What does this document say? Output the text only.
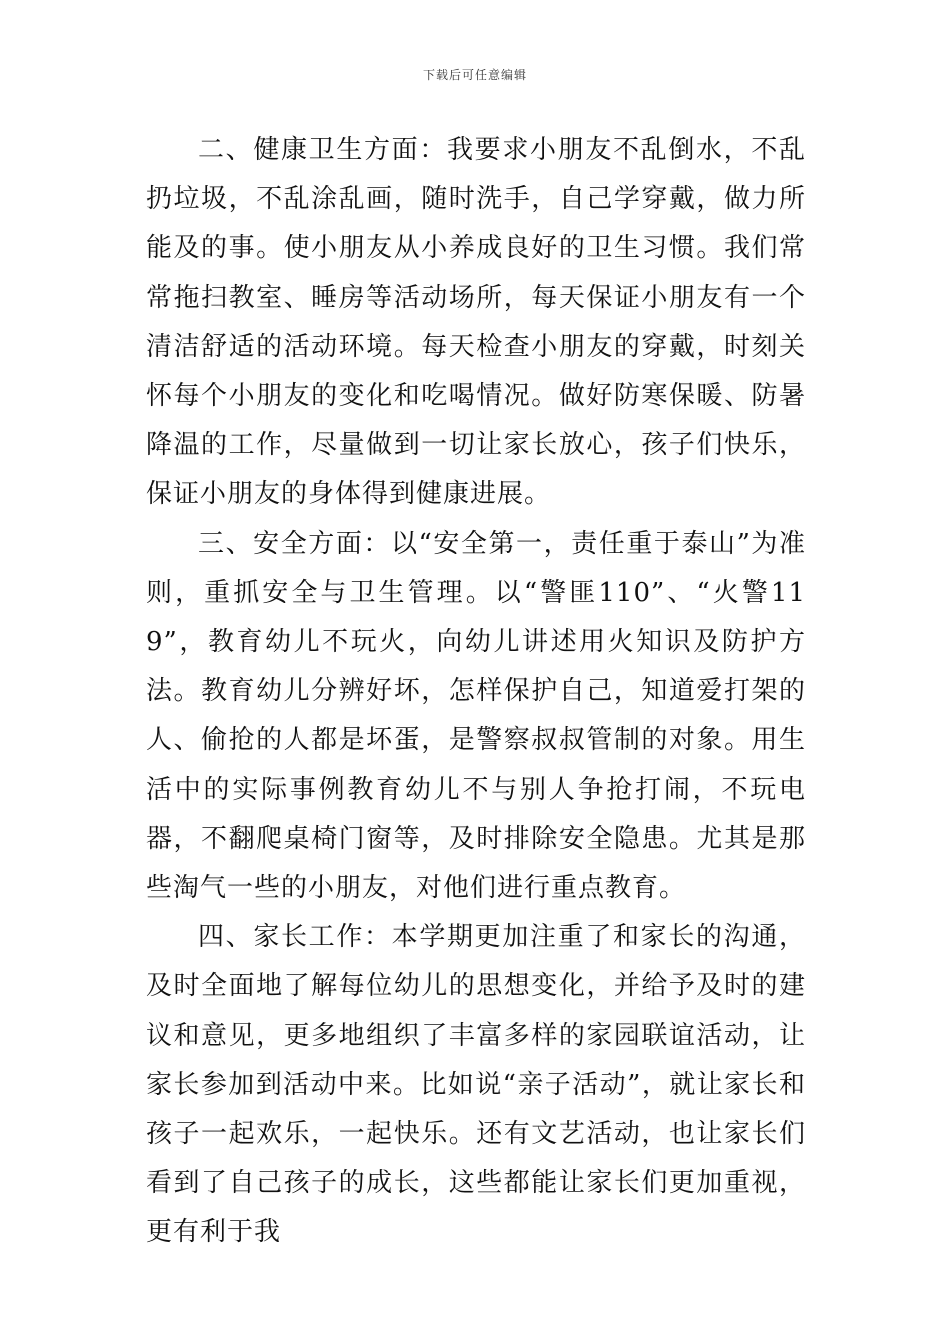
下载后可任意编辑

二、健康卫生方面：我要求小朋友不乱倒水，不乱扔垃圾，不乱涂乱画，随时洗手，自己学穿戴，做力所能及的事。使小朋友从小养成良好的卫生习惯。我们常常拖扫教室、睡房等活动场所，每天保证小朋友有一个清洁舒适的活动环境。每天检查小朋友的穿戴，时刻关怀每个小朋友的变化和吃喝情况。做好防寒保暖、防暑降温的工作，尽量做到一切让家长放心，孩子们快乐，保证小朋友的身体得到健康进展。

三、安全方面：以“安全第一，责任重于泰山”为准则，重抓安全与卫生管理。以“警匪110”、“火警119”，教育幼儿不玩火，向幼儿讲述用火知识及防护方法。教育幼儿分辨好坏，怎样保护自己，知道爱打架的人、偷抢的人都是坏蛋，是警察叔叔管制的对象。用生活中的实际事例教育幼儿不与别人争抢打闹，不玩电器，不翻爬桌椅门窗等，及时排除安全隐患。尤其是那些淘气一些的小朋友，对他们进行重点教育。

四、家长工作：本学期更加注重了和家长的沟通，及时全面地了解每位幼儿的思想变化，并给予及时的建议和意见，更多地组织了丰富多样的家园联谊活动，让家长参加到活动中来。比如说“亲子活动”，就让家长和孩子一起欢乐，一起快乐。还有文艺活动，也让家长们看到了自己孩子的成长，这些都能让家长们更加重视，更有利于我
